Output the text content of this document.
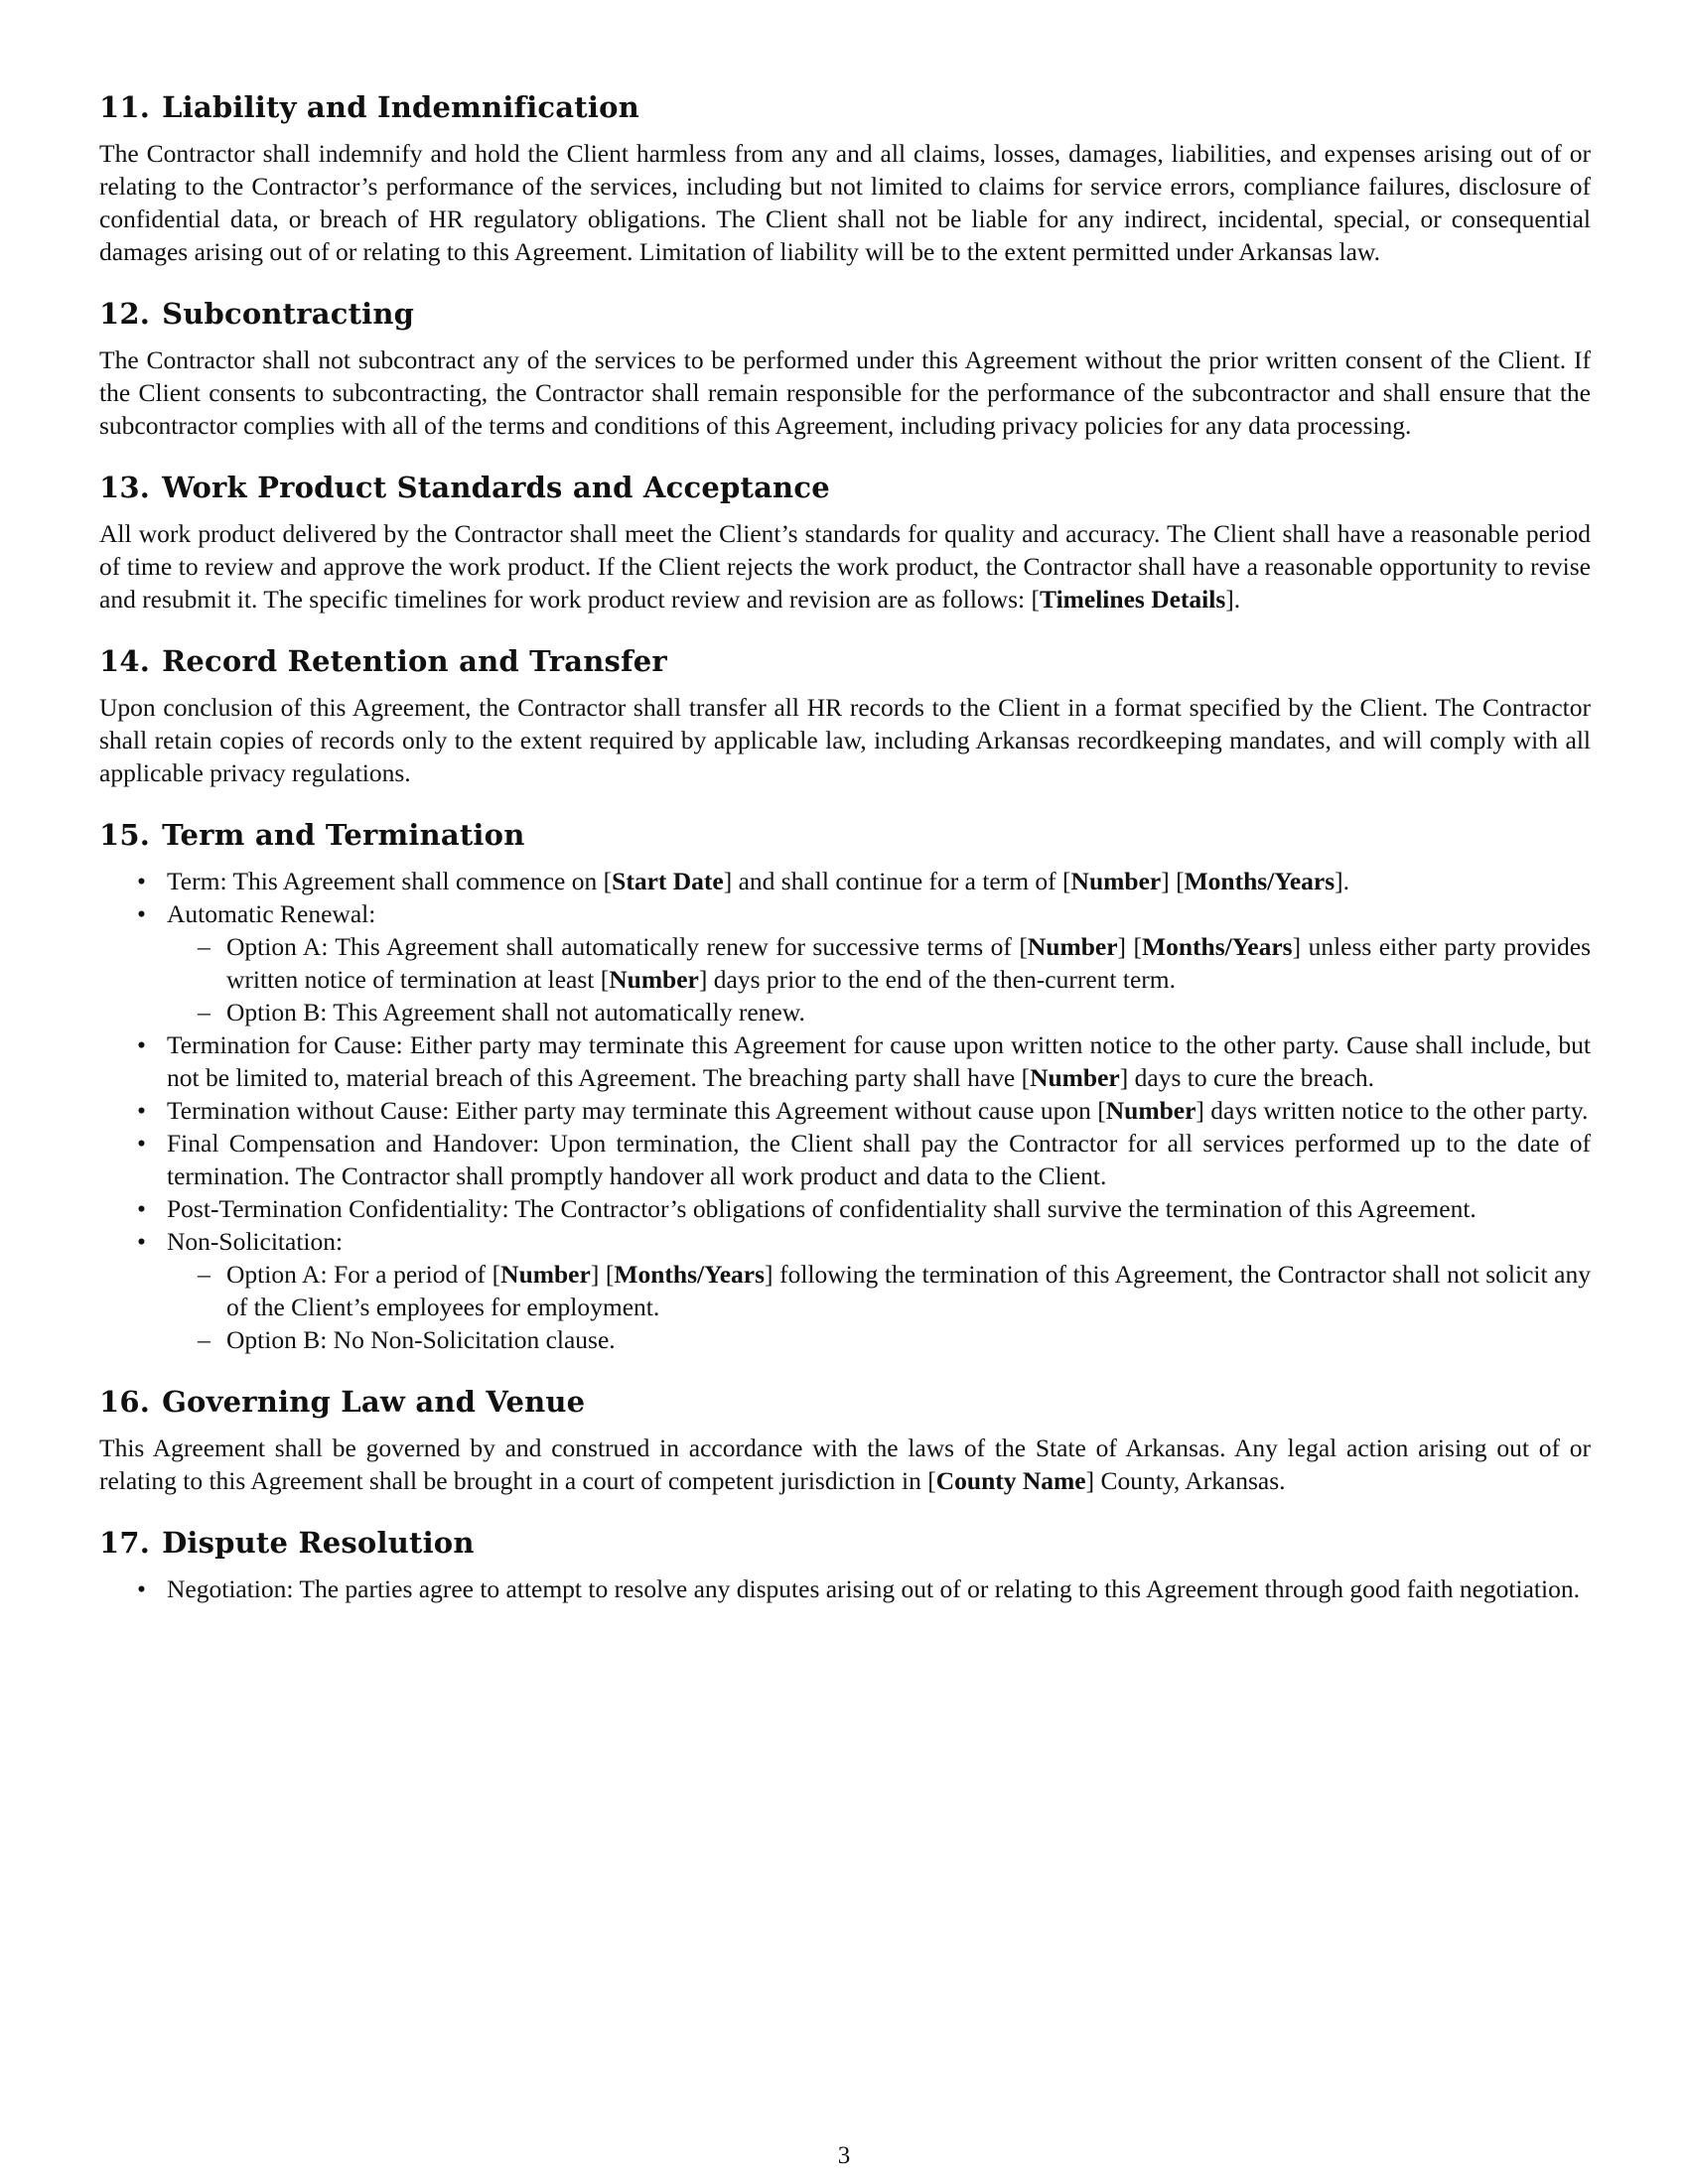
11. Liability and Indemnification

The Contractor shall indemnify and hold the Client harmless from any and all claims, losses, damages, liabilities, and expenses arising out of or relating to the Contractor’s performance of the services, including but not limited to claims for service errors, compliance failures, disclosure of confidential data, or breach of HR regulatory obligations. The Client shall not be liable for any indirect, incidental, special, or consequential damages arising out of or relating to this Agreement. Limitation of liability will be to the extent permitted under Arkansas law.

12. Subcontracting

The Contractor shall not subcontract any of the services to be performed under this Agreement without the prior written consent of the Client. If the Client consents to subcontracting, the Contractor shall remain responsible for the performance of the subcontractor and shall ensure that the subcontractor complies with all of the terms and conditions of this Agreement, including privacy policies for any data processing.

13. Work Product Standards and Acceptance

All work product delivered by the Contractor shall meet the Client’s standards for quality and accuracy. The Client shall have a reasonable period of time to review and approve the work product. If the Client rejects the work product, the Contractor shall have a reasonable opportunity to revise and resubmit it. The specific timelines for work product review and revision are as follows: [Timelines Details].

14. Record Retention and Transfer

Upon conclusion of this Agreement, the Contractor shall transfer all HR records to the Client in a format specified by the Client. The Contractor shall retain copies of records only to the extent required by applicable law, including Arkansas recordkeeping mandates, and will comply with all applicable privacy regulations.

15. Term and Termination
• Term: This Agreement shall commence on [Start Date] and shall continue for a term of [Number] [Months/Years].
• Automatic Renewal:
– Option A: This Agreement shall automatically renew for successive terms of [Number] [Months/Years] unless either party provides written notice of termination at least [Number] days prior to the end of the then-current term.
– Option B: This Agreement shall not automatically renew.
• Termination for Cause: Either party may terminate this Agreement for cause upon written notice to the other party. Cause shall include, but not be limited to, material breach of this Agreement. The breaching party shall have [Number] days to cure the breach.
• Termination without Cause: Either party may terminate this Agreement without cause upon [Number] days written notice to the other party.
• Final Compensation and Handover: Upon termination, the Client shall pay the Contractor for all services performed up to the date of termination. The Contractor shall promptly handover all work product and data to the Client.
• Post-Termination Confidentiality: The Contractor’s obligations of confidentiality shall survive the termination of this Agreement.
• Non-Solicitation:
– Option A: For a period of [Number] [Months/Years] following the termination of this Agreement, the Contractor shall not solicit any of the Client’s employees for employment.
– Option B: No Non-Solicitation clause.
16. Governing Law and Venue

This Agreement shall be governed by and construed in accordance with the laws of the State of Arkansas. Any legal action arising out of or relating to this Agreement shall be brought in a court of competent jurisdiction in [County Name] County, Arkansas.

17. Dispute Resolution
• Negotiation: The parties agree to attempt to resolve any disputes arising out of or relating to this Agreement through good faith negotiation.
3
